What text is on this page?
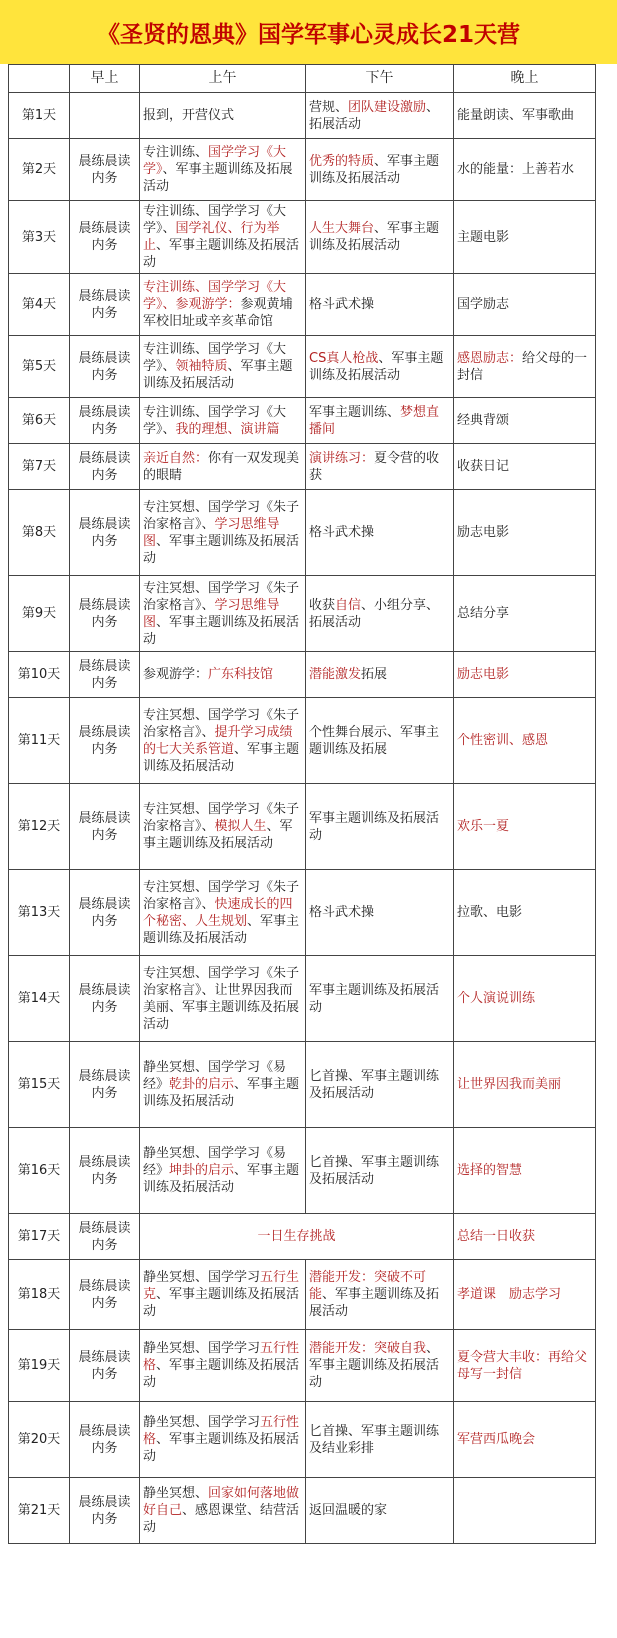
《圣贤的恩典》国学军事心灵成长21天营
	早上	上午	下午	晚上
第1天		报到，开营仪式	营规、团队建设激励、拓展活动	能量朗读、军事歌曲
第2天	晨练晨读内务	专注训练、国学学习《大学》、军事主题训练及拓展活动	优秀的特质、军事主题训练及拓展活动	水的能量：上善若水
第3天	晨练晨读内务	专注训练、国学学习《大学》、国学礼仪、行为举止、军事主题训练及拓展活动	人生大舞台、军事主题训练及拓展活动	主题电影
第4天	晨练晨读内务	专注训练、国学学习《大学》、参观游学：参观黄埔军校旧址或辛亥革命馆	格斗武术操	国学励志
第5天	晨练晨读内务	专注训练、国学学习《大学》、领袖特质、军事主题训练及拓展活动	CS真人枪战、军事主题训练及拓展活动	感恩励志：给父母的一封信
第6天	晨练晨读内务	专注训练、国学学习《大学》、我的理想、演讲篇	军事主题训练、梦想直播间	经典背颂
第7天	晨练晨读内务	亲近自然：你有一双发现美的眼睛	演讲练习：夏令营的收获	收获日记
第8天	晨练晨读内务	专注冥想、国学学习《朱子治家格言》、学习思维导图、军事主题训练及拓展活动	格斗武术操	励志电影
第9天	晨练晨读内务	专注冥想、国学学习《朱子治家格言》、学习思维导图、军事主题训练及拓展活动	收获自信、小组分享、拓展活动	总结分享
第10天	晨练晨读内务	参观游学：广东科技馆	潜能激发拓展	励志电影
第11天	晨练晨读内务	专注冥想、国学学习《朱子治家格言》、提升学习成绩的七大关系管道、军事主题训练及拓展活动	个性舞台展示、军事主题训练及拓展	个性密训、感恩
第12天	晨练晨读内务	专注冥想、国学学习《朱子治家格言》、模拟人生、军事主题训练及拓展活动	军事主题训练及拓展活动	欢乐一夏
第13天	晨练晨读内务	专注冥想、国学学习《朱子治家格言》、快速成长的四个秘密、人生规划、军事主题训练及拓展活动	格斗武术操	拉歌、电影
第14天	晨练晨读内务	专注冥想、国学学习《朱子治家格言》、让世界因我而美丽、军事主题训练及拓展活动	军事主题训练及拓展活动	个人演说训练
第15天	晨练晨读内务	静坐冥想、国学学习《易经》乾卦的启示、军事主题训练及拓展活动	匕首操、军事主题训练及拓展活动	让世界因我而美丽
第16天	晨练晨读内务	静坐冥想、国学学习《易经》坤卦的启示、军事主题训练及拓展活动	匕首操、军事主题训练及拓展活动	选择的智慧
第17天	晨练晨读内务	一日生存挑战		总结一日收获
第18天	晨练晨读内务	静坐冥想、国学学习五行生克、军事主题训练及拓展活动	潜能开发：突破不可能、军事主题训练及拓展活动	孝道课　励志学习
第19天	晨练晨读内务	静坐冥想、国学学习五行性格、军事主题训练及拓展活动	潜能开发：突破自我、军事主题训练及拓展活动	夏令营大丰收：再给父母写一封信
第20天	晨练晨读内务	静坐冥想、国学学习五行性格、军事主题训练及拓展活动	匕首操、军事主题训练及结业彩排	军营西瓜晚会
第21天	晨练晨读内务	静坐冥想、回家如何落地做好自己、感恩课堂、结营活动	返回温暖的家	
